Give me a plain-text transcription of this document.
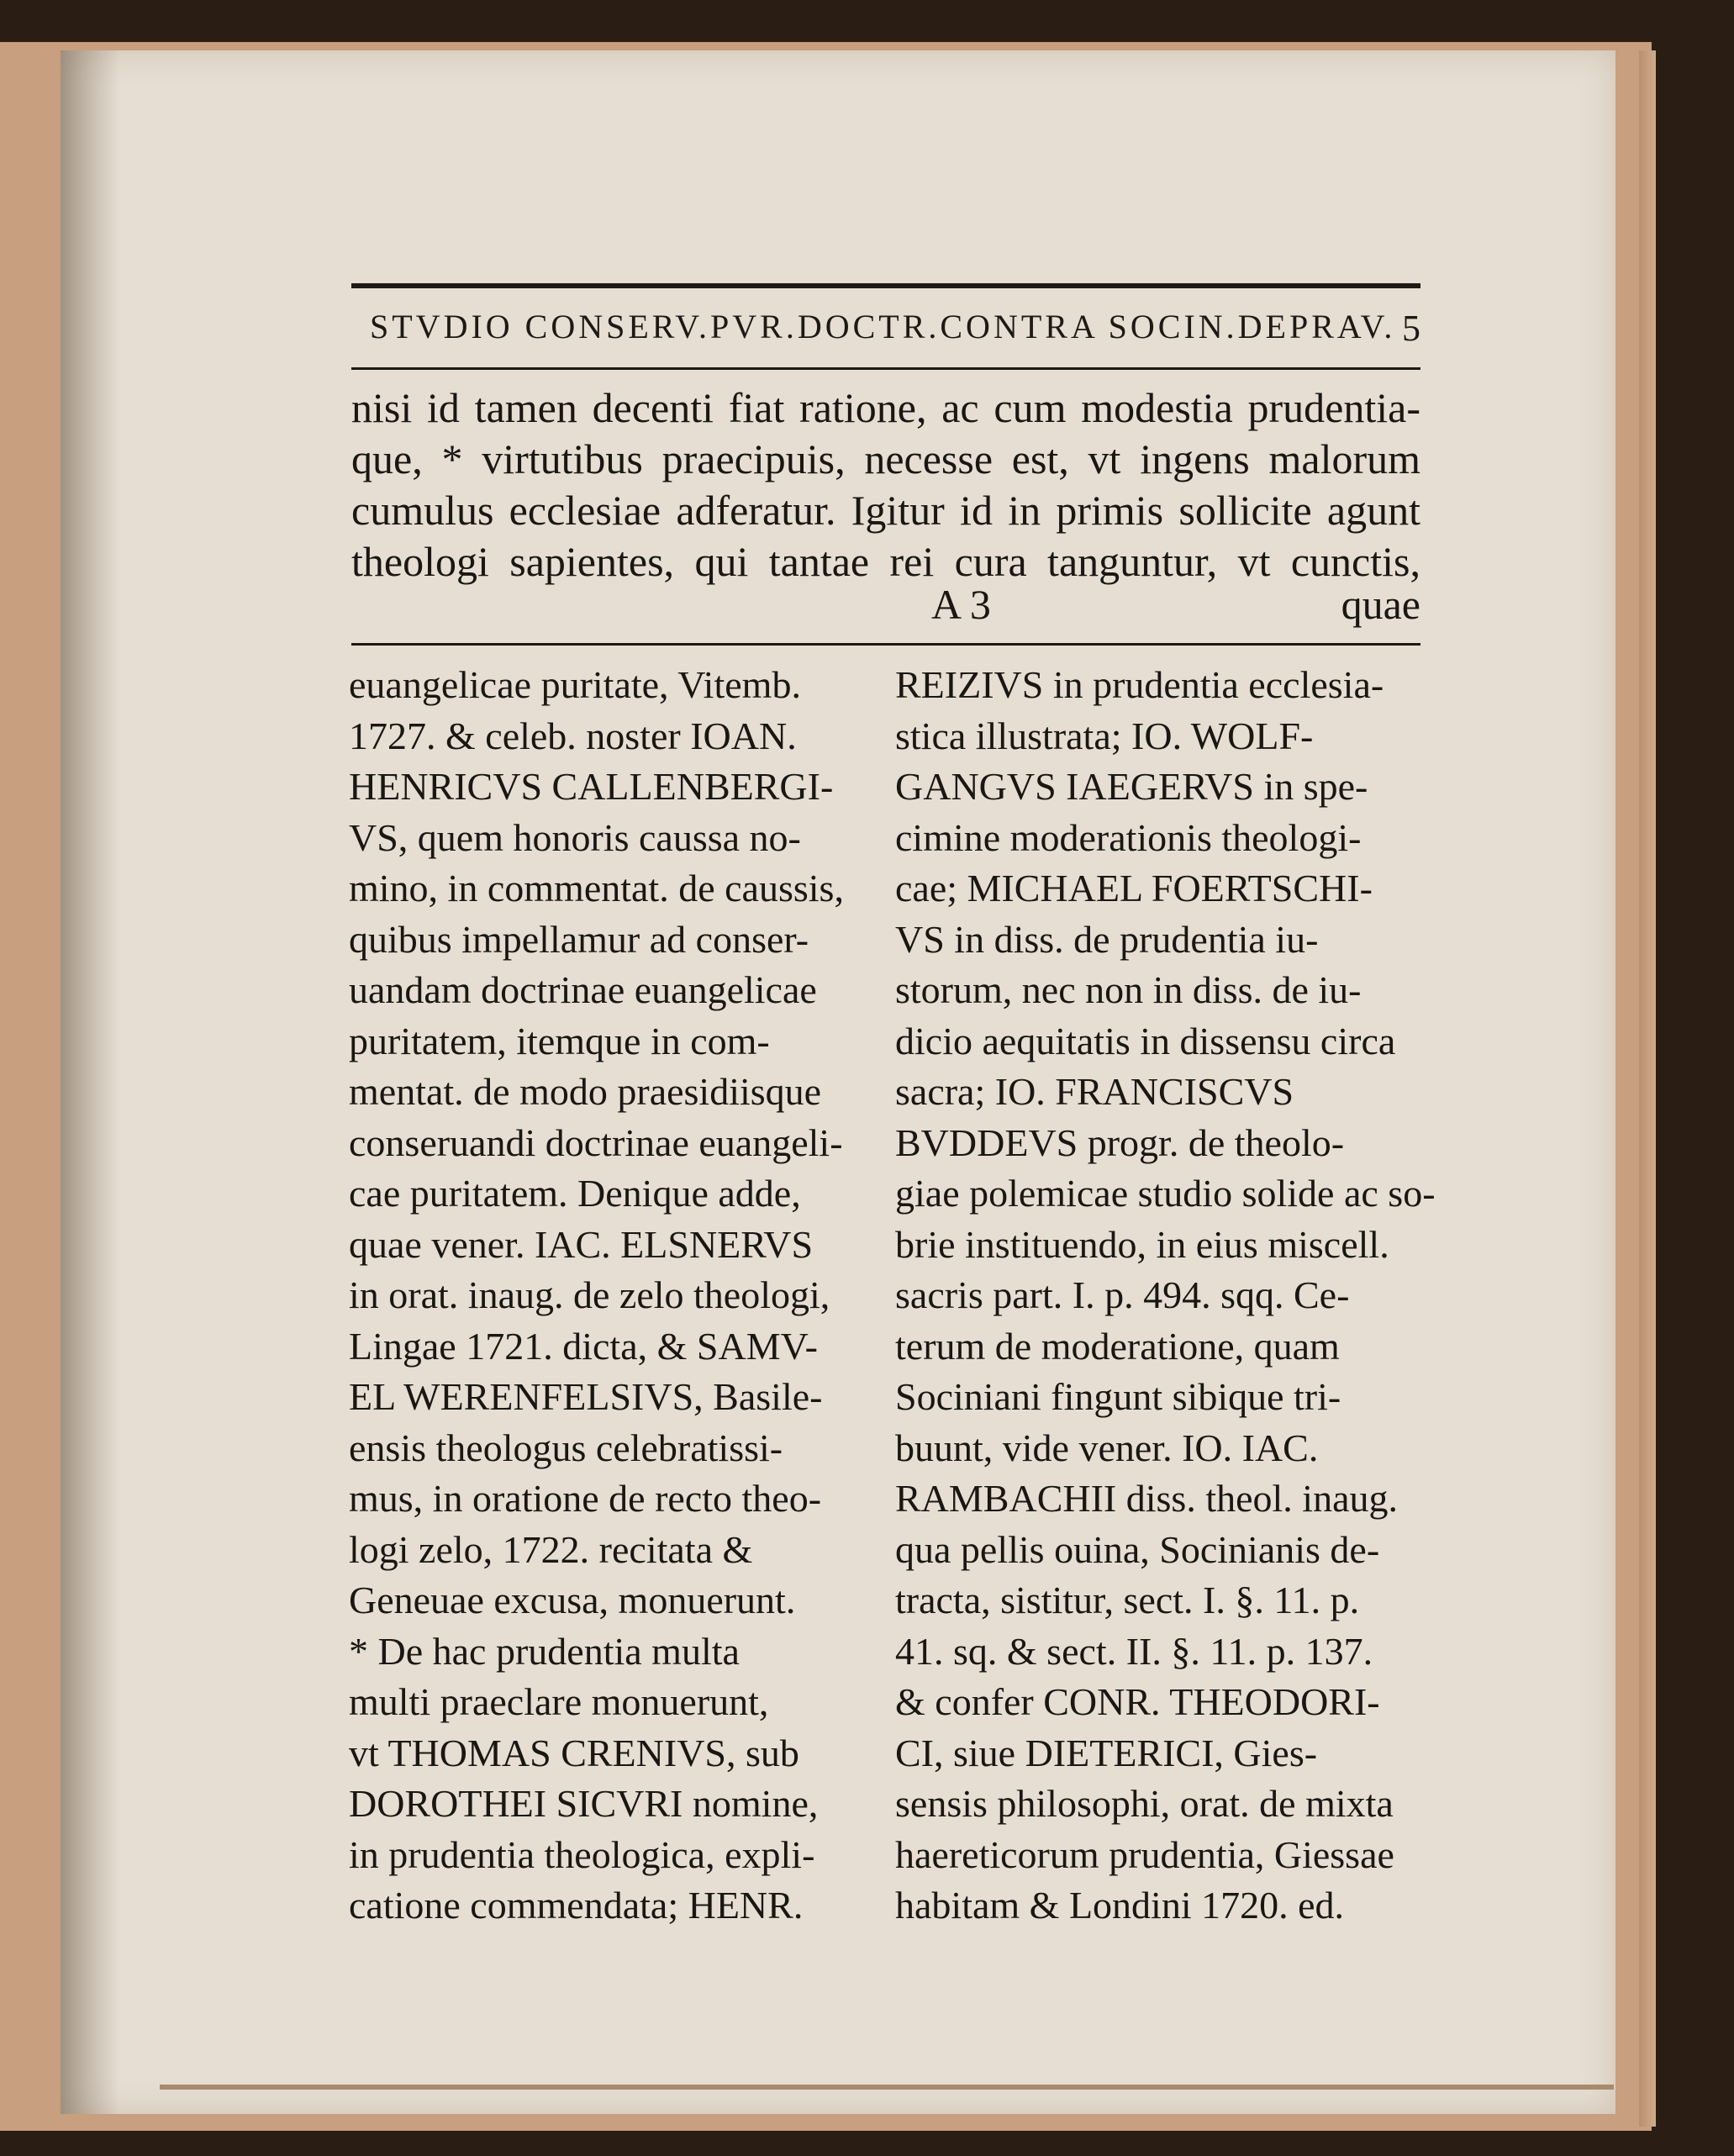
STVDIO CONSERV.PVR.DOCTR.CONTRA SOCIN.DEPRAV. 5
nisi id tamen decenti fiat ratione, ac cum modestia prudentia-
que, * virtutibus praecipuis, necesse est, vt ingens malorum
cumulus ecclesiae adferatur. Igitur id in primis sollicite agunt
theologi sapientes, qui tantae rei cura tanguntur, vt cunctis,
A 3	quae
euangelicae puritate, Vitemb.
1727. & celeb. noster IOAN.
HENRICVS CALLENBERGI-
VS, quem honoris caussa no-
mino, in commentat. de caussis,
quibus impellamur ad conser-
uandam doctrinae euangelicae
puritatem, itemque in com-
mentat. de modo praesidiisque
conseruandi doctrinae euangeli-
cae puritatem. Denique adde,
quae vener. IAC. ELSNERVS
in orat. inaug. de zelo theologi,
Lingae 1721. dicta, & SAMV-
EL WERENFELSIVS, Basile-
ensis theologus celebratissi-
mus, in oratione de recto theo-
logi zelo, 1722. recitata &
Geneuae excusa, monuerunt.
* De hac prudentia multa
multi praeclare monuerunt,
vt THOMAS CRENIVS, sub
DOROTHEI SICVRI nomine,
in prudentia theologica, expli-
catione commendata; HENR.
REIZIVS in prudentia ecclesia-
stica illustrata; IO. WOLF-
GANGVS IAEGERVS in spe-
cimine moderationis theologi-
cae; MICHAEL FOERTSCHI-
VS in diss. de prudentia iu-
storum, nec non in diss. de iu-
dicio aequitatis in dissensu circa
sacra; IO. FRANCISCVS
BVDDEVS progr. de theolo-
giae polemicae studio solide ac so-
brie instituendo, in eius miscell.
sacris part. I. p. 494. sqq. Ce-
terum de moderatione, quam
Sociniani fingunt sibique tri-
buunt, vide vener. IO. IAC.
RAMBACHII diss. theol. inaug.
qua pellis ouina, Socinianis de-
tracta, sistitur, sect. I. §. 11. p.
41. sq. & sect. II. §. 11. p. 137.
& confer CONR. THEODORI-
CI, siue DIETERICI, Gies-
sensis philosophi, orat. de mixta
haereticorum prudentia, Giessae
habitam & Londini 1720. ed.
